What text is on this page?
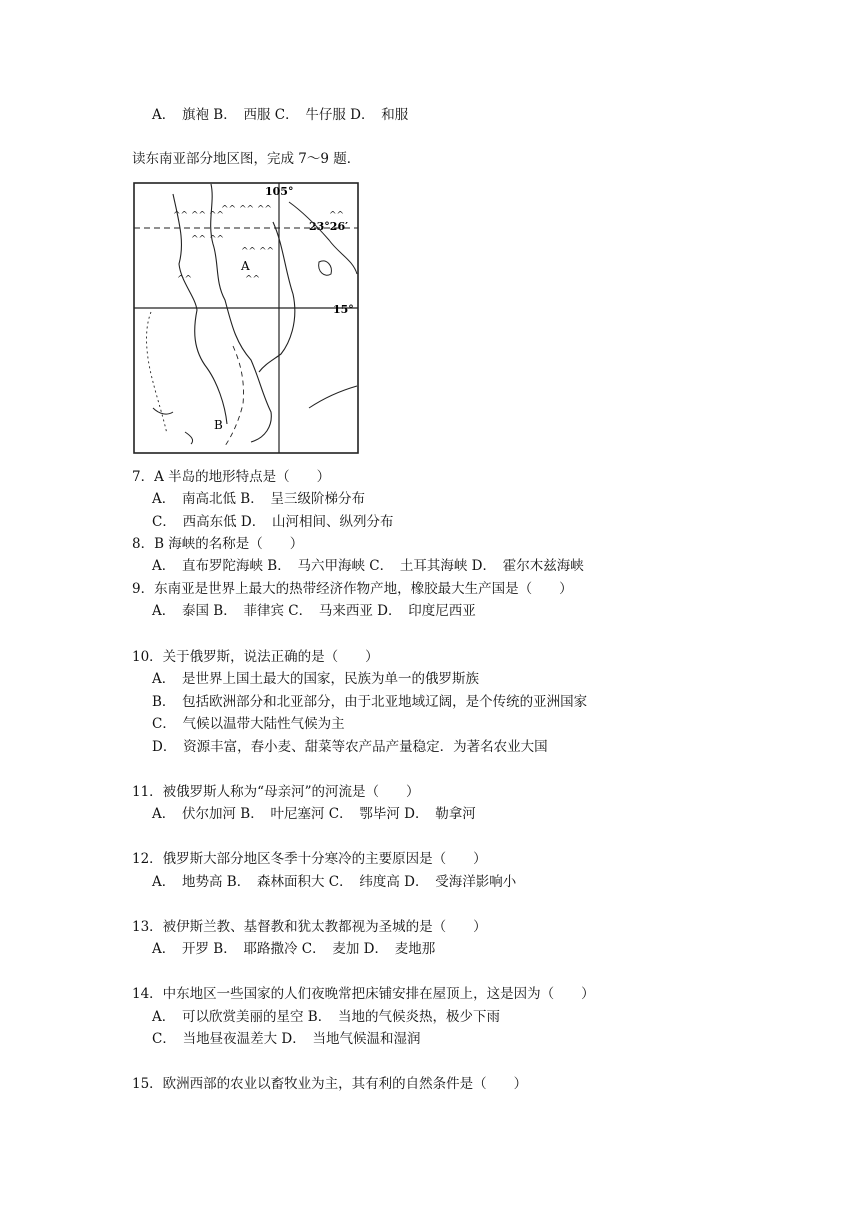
A．　旗袍 B．　西服 C．　牛仔服 D．　和服
读东南亚部分地区图，完成 7～9 题．
105°
23°26′
15°
^^ ^^ ^^
^^ ^^
^^ ^^ ^^
^^ ^^
^^
^^	^^
A
B
7．A 半岛的地形特点是（　　）
A．　南高北低 B．　呈三级阶梯分布
C．　西高东低 D．　山河相间、纵列分布
8．B 海峡的名称是（　　）
A．　直布罗陀海峡 B．　马六甲海峡 C．　土耳其海峡 D．　霍尔木兹海峡
9．东南亚是世界上最大的热带经济作物产地，橡胶最大生产国是（　　）
A．　泰国 B．　菲律宾 C．　马来西亚 D．　印度尼西亚
10．关于俄罗斯，说法正确的是（　　）
A．　是世界上国土最大的国家，民族为单一的俄罗斯族
B．　包括欧洲部分和北亚部分，由于北亚地域辽阔，是个传统的亚洲国家
C．　气候以温带大陆性气候为主
D．　资源丰富，春小麦、甜菜等农产品产量稳定．为著名农业大国
11．被俄罗斯人称为“母亲河”的河流是（　　）
A．　伏尔加河 B．　叶尼塞河 C．　鄂毕河 D．　勒拿河
12．俄罗斯大部分地区冬季十分寒冷的主要原因是（　　）
A．　地势高 B．　森林面积大 C．　纬度高 D．　受海洋影响小
13．被伊斯兰教、基督教和犹太教都视为圣城的是（　　）
A．　开罗 B．　耶路撒冷 C．　麦加 D．　麦地那
14．中东地区一些国家的人们夜晚常把床铺安排在屋顶上，这是因为（　　）
A．　可以欣赏美丽的星空 B．　当地的气候炎热，极少下雨
C．　当地昼夜温差大 D．　当地气候温和湿润
15．欧洲西部的农业以畜牧业为主，其有利的自然条件是（　　）
